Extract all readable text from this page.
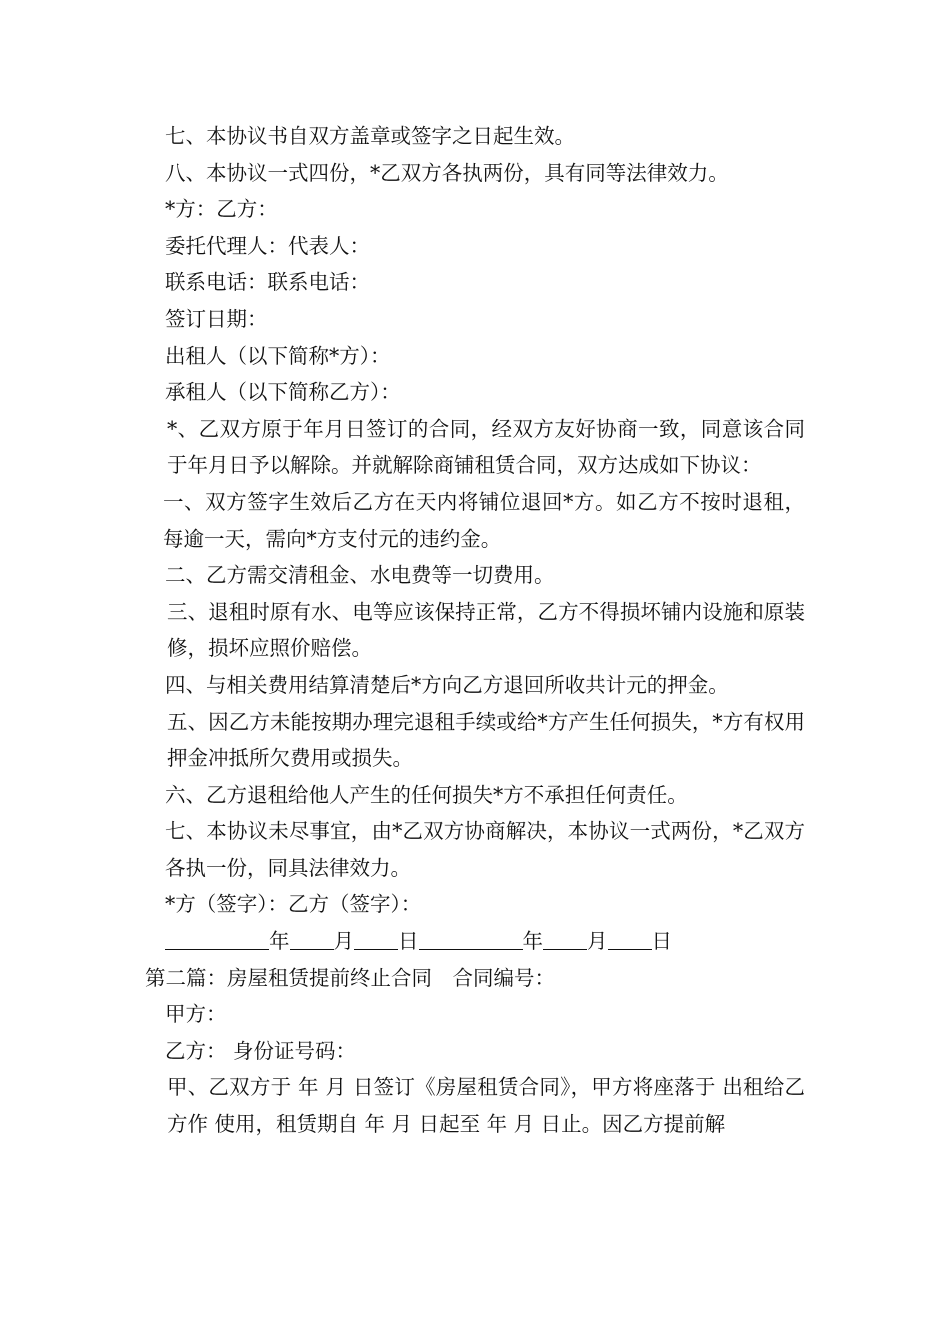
七、本协议书自双方盖章或签字之日起生效。

八、本协议一式四份，*乙双方各执两份，具有同等法律效力。

*方：乙方：

委托代理人：代表人：

联系电话：联系电话：

签订日期：

出租人（以下简称*方）：

承租人（以下简称乙方）：

*、乙双方原于年月日签订的合同，经双方友好协商一致，同意该合同于年月日予以解除。并就解除商铺租赁合同，双方达成如下协议：

一、双方签字生效后乙方在天内将铺位退回*方。如乙方不按时退租，每逾一天，需向*方支付元的违约金。

二、乙方需交清租金、水电费等一切费用。

三、退租时原有水、电等应该保持正常，乙方不得损坏铺内设施和原装修，损坏应照价赔偿。

四、与相关费用结算清楚后*方向乙方退回所收共计元的押金。

五、因乙方未能按期办理完退租手续或给*方产生任何损失，*方有权用押金冲抵所欠费用或损失。

六、乙方退租给他人产生的任何损失*方不承担任何责任。

七、本协议未尽事宜，由*乙双方协商解决，本协议一式两份，*乙双方各执一份，同具法律效力。

*方（签字）：乙方（签字）：

年 月 日	年 月 日

第二篇：房屋租赁提前终止合同　合同编号：

甲方：

乙方： 身份证号码：

甲、乙双方于 年 月 日签订《房屋租赁合同》，甲方将座落于 出租给乙方作 使用，租赁期自 年 月 日起至 年 月 日止。因乙方提前解
